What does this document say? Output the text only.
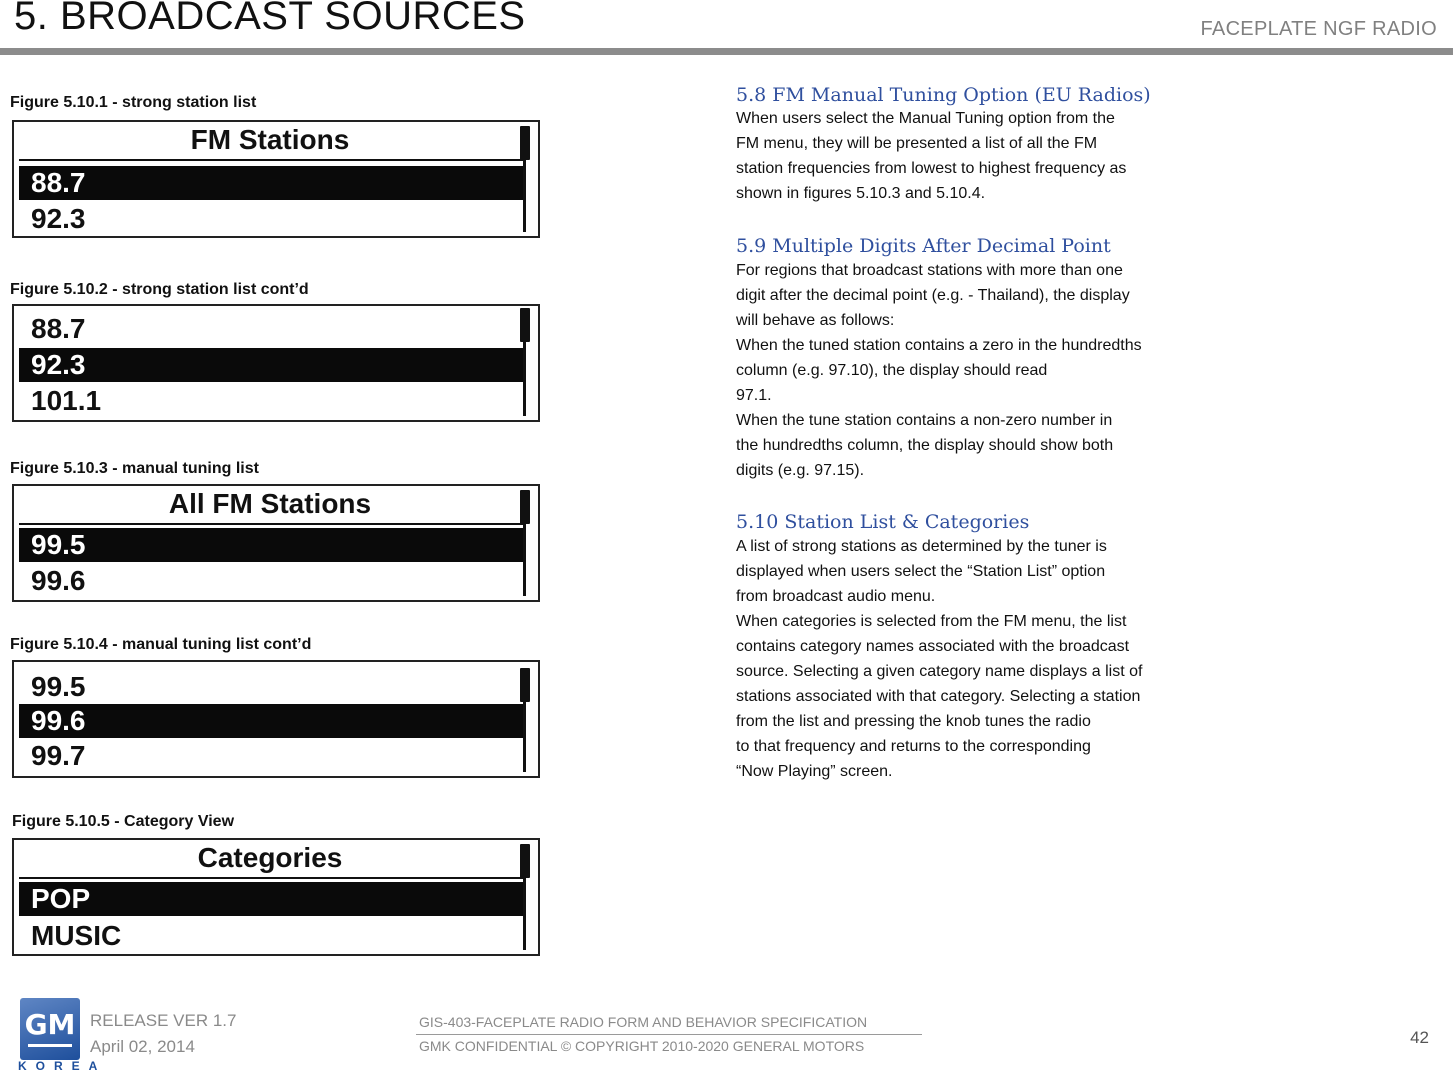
5. BROADCAST SOURCES	FACEPLATE NGF RADIO
Figure 5.10.1 - strong station list
FM Stations
88.7
92.3
Figure 5.10.2 - strong station list cont’d
88.7
92.3
101.1
Figure 5.10.3 - manual tuning list
All FM Stations
99.5
99.6
Figure 5.10.4 - manual tuning list cont’d
99.5
99.6
99.7
Figure 5.10.5 - Category View
Categories
POP
MUSIC
5.8 FM Manual Tuning Option (EU Radios)
When users select the Manual Tuning option from the
FM menu, they will be presented a list of all the FM
station frequencies from lowest to highest frequency as
shown in figures 5.10.3 and 5.10.4.
5.9 Multiple Digits After Decimal Point
For regions that broadcast stations with more than one
digit after the decimal point (e.g. - Thailand), the display
will behave as follows:
When the tuned station contains a zero in the hundredths
column (e.g. 97.10), the display should read
97.1.
When the tune station contains a non-zero number in
the hundredths column, the display should show both
digits (e.g. 97.15).
5.10 Station List & Categories
A list of strong stations as determined by the tuner is
displayed when users select the “Station List” option
from broadcast audio menu.
When categories is selected from the FM menu, the list
contains category names associated with the broadcast
source. Selecting a given category name displays a list of
stations associated with that category. Selecting a station
from the list and pressing the knob tunes the radio
to that frequency and returns to the corresponding
“Now Playing” screen.
GM
KOREA
RELEASE VER 1.7
April 02, 2014
GIS-403-FACEPLATE RADIO FORM AND BEHAVIOR SPECIFICATION
GMK CONFIDENTIAL © COPYRIGHT 2010-2020 GENERAL MOTORS	42
